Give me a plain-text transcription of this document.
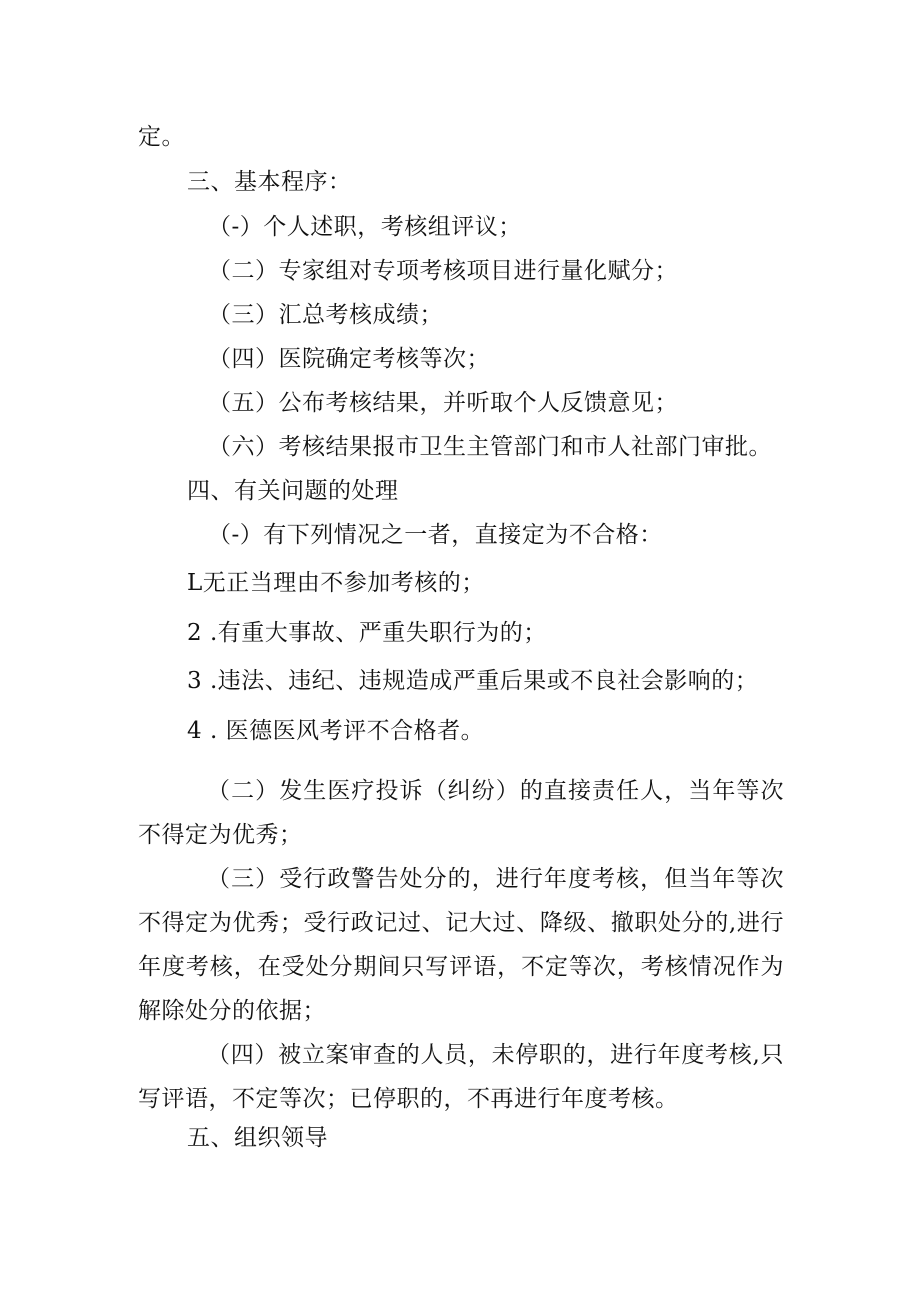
定。
三、基本程序：
（-）个人述职，考核组评议；
（二）专家组对专项考核项目进行量化赋分；
（三）汇总考核成绩；
（四）医院确定考核等次；
（五）公布考核结果，并听取个人反馈意见；
（六）考核结果报市卫生主管部门和市人社部门审批。
四、有关问题的处理
（-）有下列情况之一者，直接定为不合格：
L无正当理由不参加考核的；
2 .有重大事故、严重失职行为的；
3 .违法、违纪、违规造成严重后果或不良社会影响的；
4 . 医德医风考评不合格者。
（二）发生医疗投诉（纠纷）的直接责任人，当年等次不得定为优秀；
（三）受行政警告处分的，进行年度考核，但当年等次不得定为优秀；受行政记过、记大过、降级、撤职处分的,进行年度考核，在受处分期间只写评语，不定等次，考核情况作为解除处分的依据；
（四）被立案审查的人员，未停职的，进行年度考核,只写评语，不定等次；已停职的，不再进行年度考核。
五、组织领导
